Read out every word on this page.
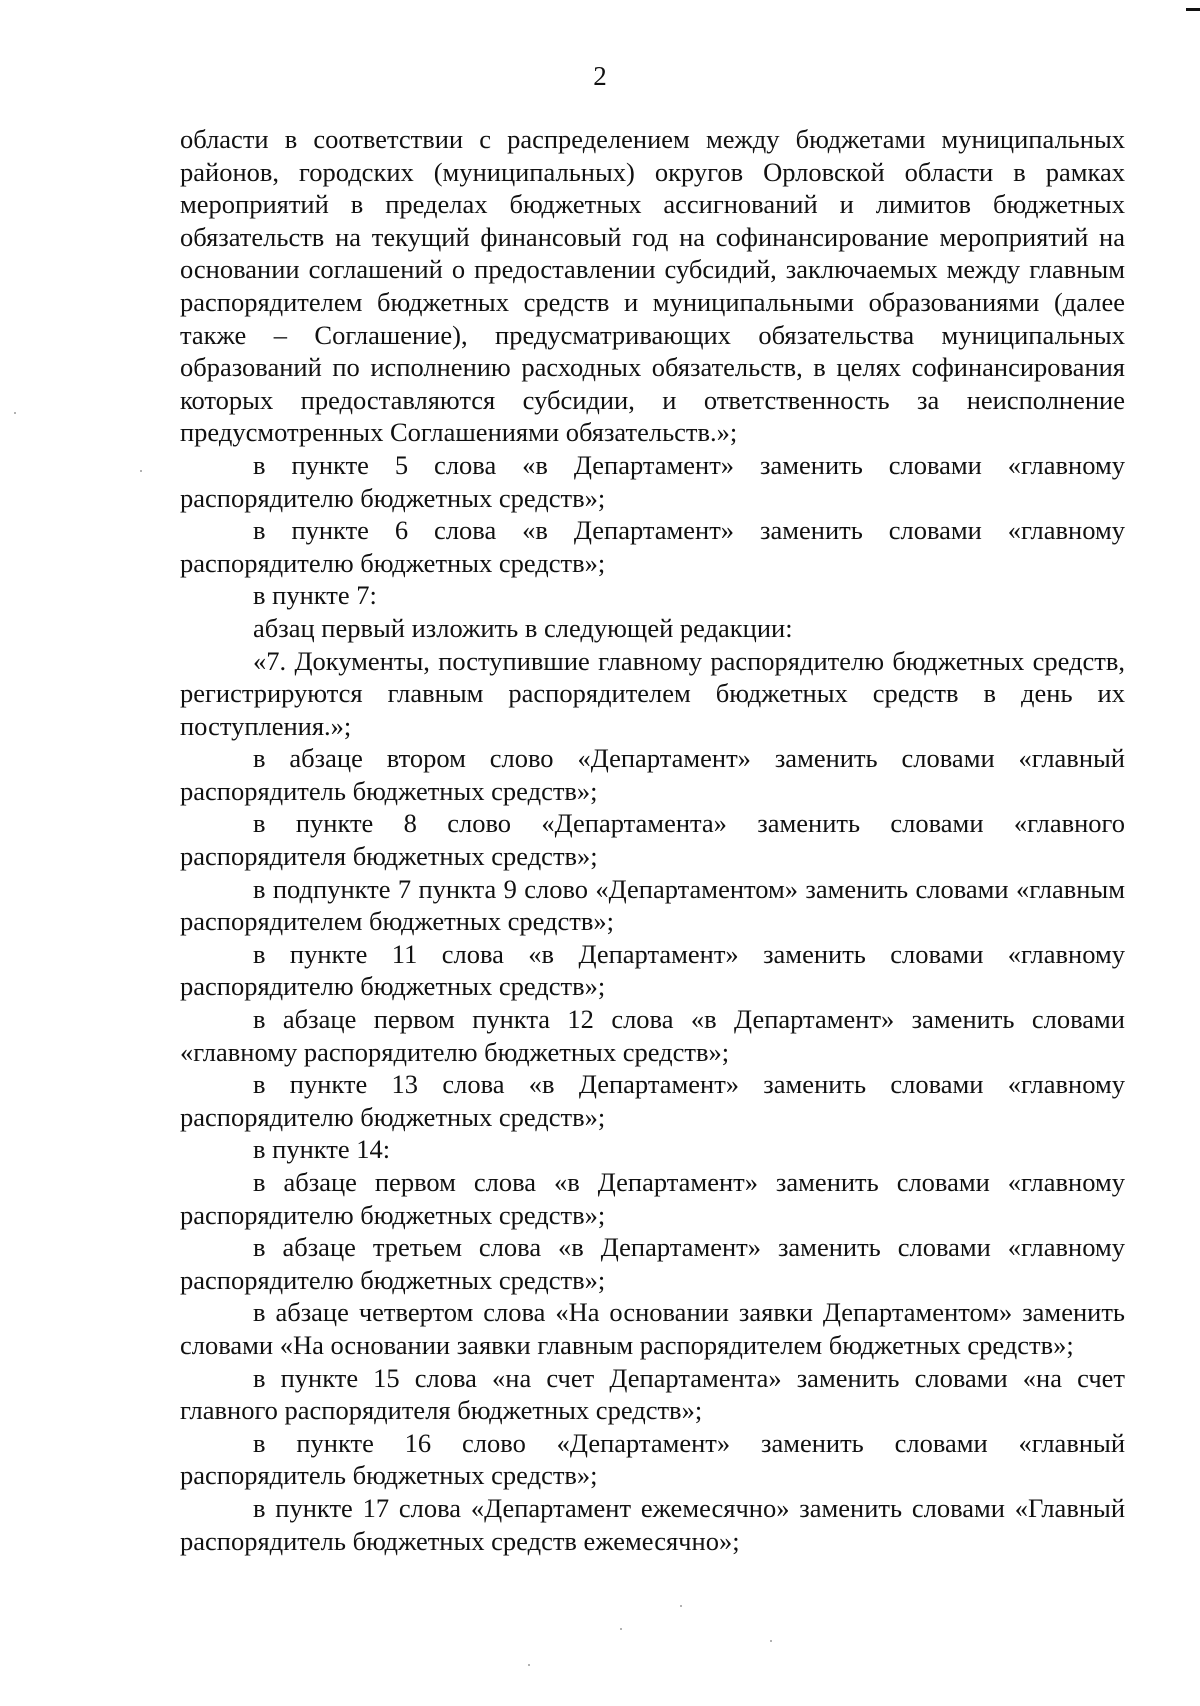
2

области в соответствии с распределением между бюджетами муниципальных районов, городских (муниципальных) округов Орловской области в рамках мероприятий в пределах бюджетных ассигнований и лимитов бюджетных обязательств на текущий финансовый год на софинансирование мероприятий на основании соглашений о предоставлении субсидий, заключаемых между главным распорядителем бюджетных средств и муниципальными образованиями (далее также – Соглашение), предусматривающих обязательства муниципальных образований по исполнению расходных обязательств, в целях софинансирования которых предоставляются субсидии, и ответственность за неисполнение предусмотренных Соглашениями обязательств.»;

в пункте 5 слова «в Департамент» заменить словами «главному распорядителю бюджетных средств»;

в пункте 6 слова «в Департамент» заменить словами «главному распорядителю бюджетных средств»;

в пункте 7:

абзац первый изложить в следующей редакции:

«7. Документы, поступившие главному распорядителю бюджетных средств, регистрируются главным распорядителем бюджетных средств в день их поступления.»;

в абзаце втором слово «Департамент» заменить словами «главный распорядитель бюджетных средств»;

в пункте 8 слово «Департамента» заменить словами «главного распорядителя бюджетных средств»;

в подпункте 7 пункта 9 слово «Департаментом» заменить словами «главным распорядителем бюджетных средств»;

в пункте 11 слова «в Департамент» заменить словами «главному распорядителю бюджетных средств»;

в абзаце первом пункта 12 слова «в Департамент» заменить словами «главному распорядителю бюджетных средств»;

в пункте 13 слова «в Департамент» заменить словами «главному распорядителю бюджетных средств»;

в пункте 14:

в абзаце первом слова «в Департамент» заменить словами «главному распорядителю бюджетных средств»;

в абзаце третьем слова «в Департамент» заменить словами «главному распорядителю бюджетных средств»;

в абзаце четвертом слова «На основании заявки Департаментом» заменить словами «На основании заявки главным распорядителем бюджетных средств»;

в пункте 15 слова «на счет Департамента» заменить словами «на счет главного распорядителя бюджетных средств»;

в пункте 16 слово «Департамент» заменить словами «главный распорядитель бюджетных средств»;

в пункте 17 слова «Департамент ежемесячно» заменить словами «Главный распорядитель бюджетных средств ежемесячно»;
